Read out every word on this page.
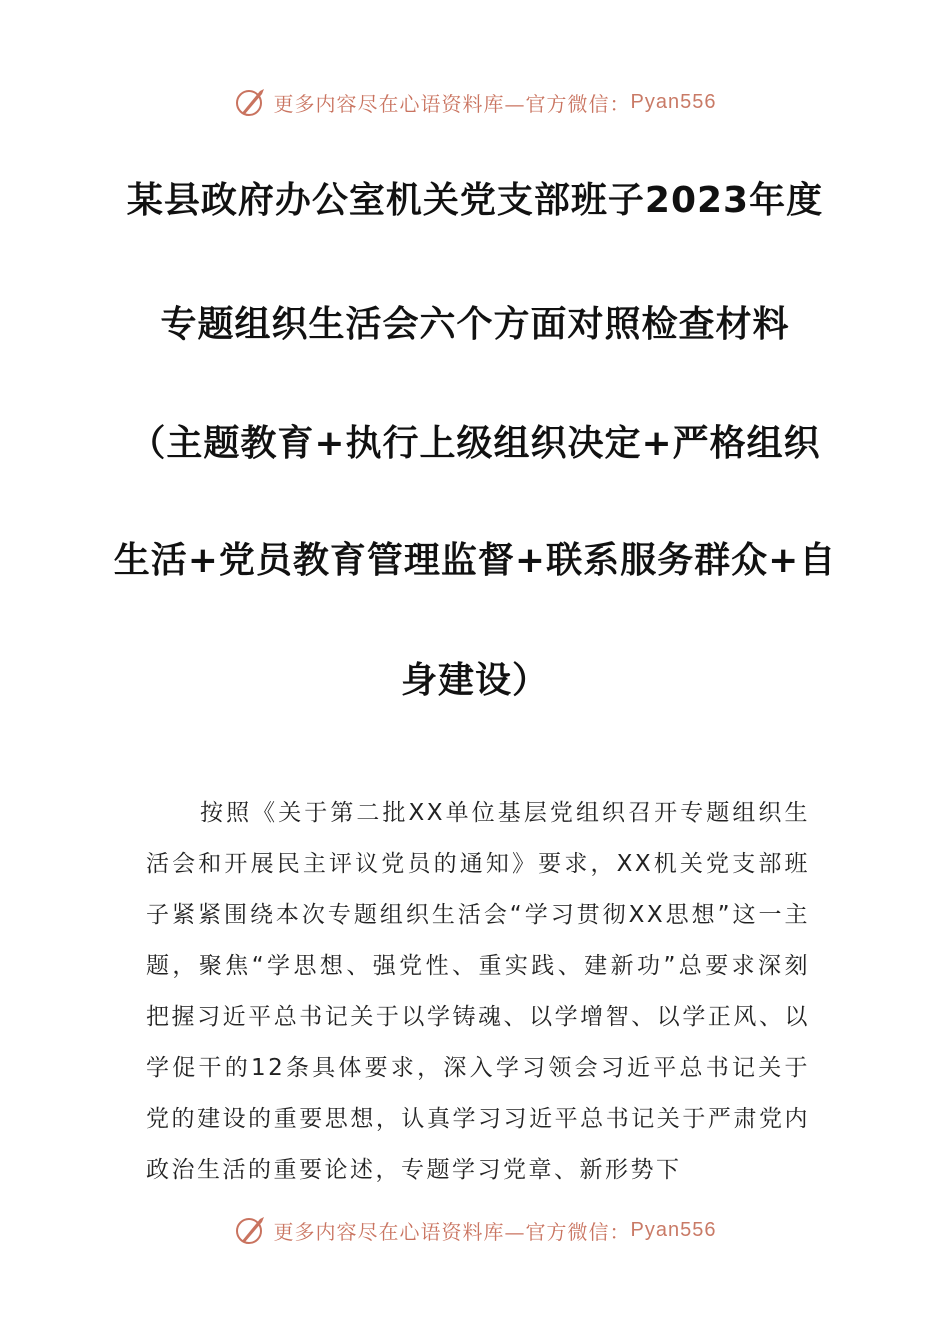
更多内容尽在心语资料库—官方微信： Pyan556
某县政府办公室机关党支部班子2023年度
专题组织生活会六个方面对照检查材料
（主题教育+执行上级组织决定+严格组织
生活+党员教育管理监督+联系服务群众+自
身建设）
按照《关于第二批XX单位基层党组织召开专题组织生活会和开展民主评议党员的通知》要求，XX机关党支部班子紧紧围绕本次专题组织生活会“学习贯彻XX思想”这一主题，聚焦“学思想、强党性、重实践、建新功”总要求深刻把握习近平总书记关于以学铸魂、以学增智、以学正风、以学促干的12条具体要求，深入学习领会习近平总书记关于党的建设的重要思想，认真学习习近平总书记关于严肃党内政治生活的重要论述，专题学习党章、新形势下
更多内容尽在心语资料库—官方微信： Pyan556
